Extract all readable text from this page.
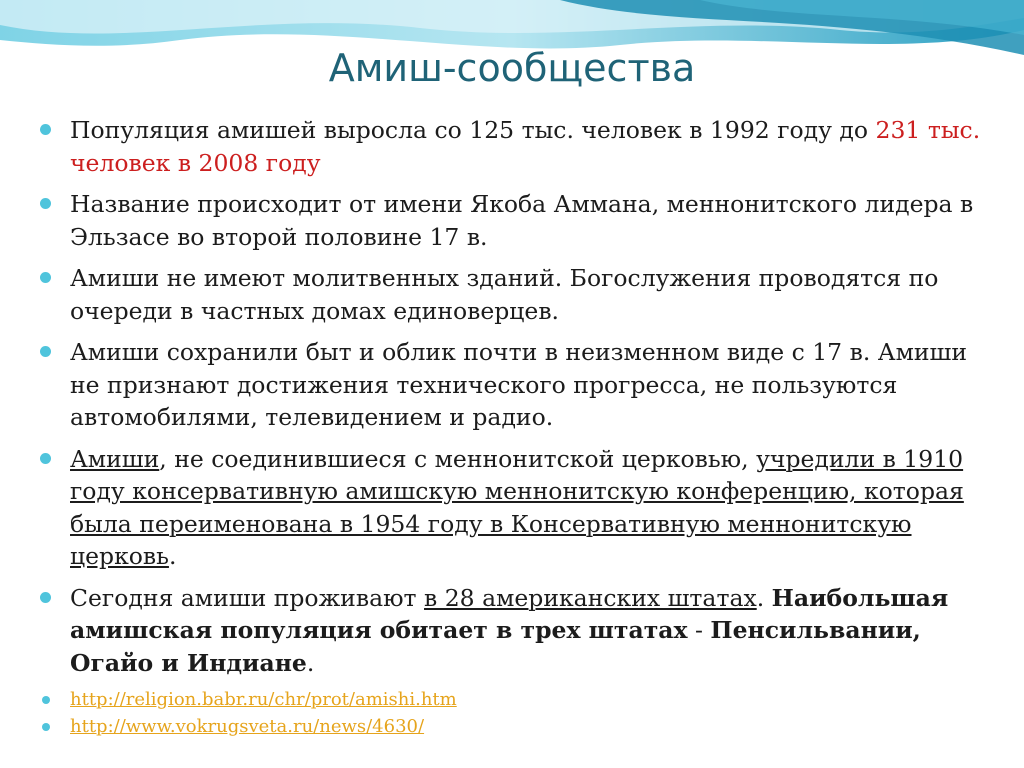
Амиш-сообщества
Популяция амишей выросла со 125 тыс. человек в 1992 году до 231 тыс. человек в 2008 году
Название происходит от имени Якоба Аммана, меннонитского лидера в Эльзасе во второй половине 17 в.
Амиши не имеют молитвенных зданий. Богослужения проводятся по очереди в частных домах единоверцев.
Амиши сохранили быт и облик почти в неизменном виде с 17 в. Амиши не признают достижения технического прогресса, не пользуются автомобилями, телевидением и радио.
Амиши, не соединившиеся с меннонитской церковью, учредили в 1910 году консервативную амишскую меннонитскую конференцию, которая была переименована в 1954 году в Консервативную меннонитскую церковь.
Сегодня амиши проживают в 28 американских штатах. Наибольшая амишская популяция обитает в трех штатах - Пенсильвании, Огайо и Индиане.
http://religion.babr.ru/chr/prot/amishi.htm
http://www.vokrugsveta.ru/news/4630/
